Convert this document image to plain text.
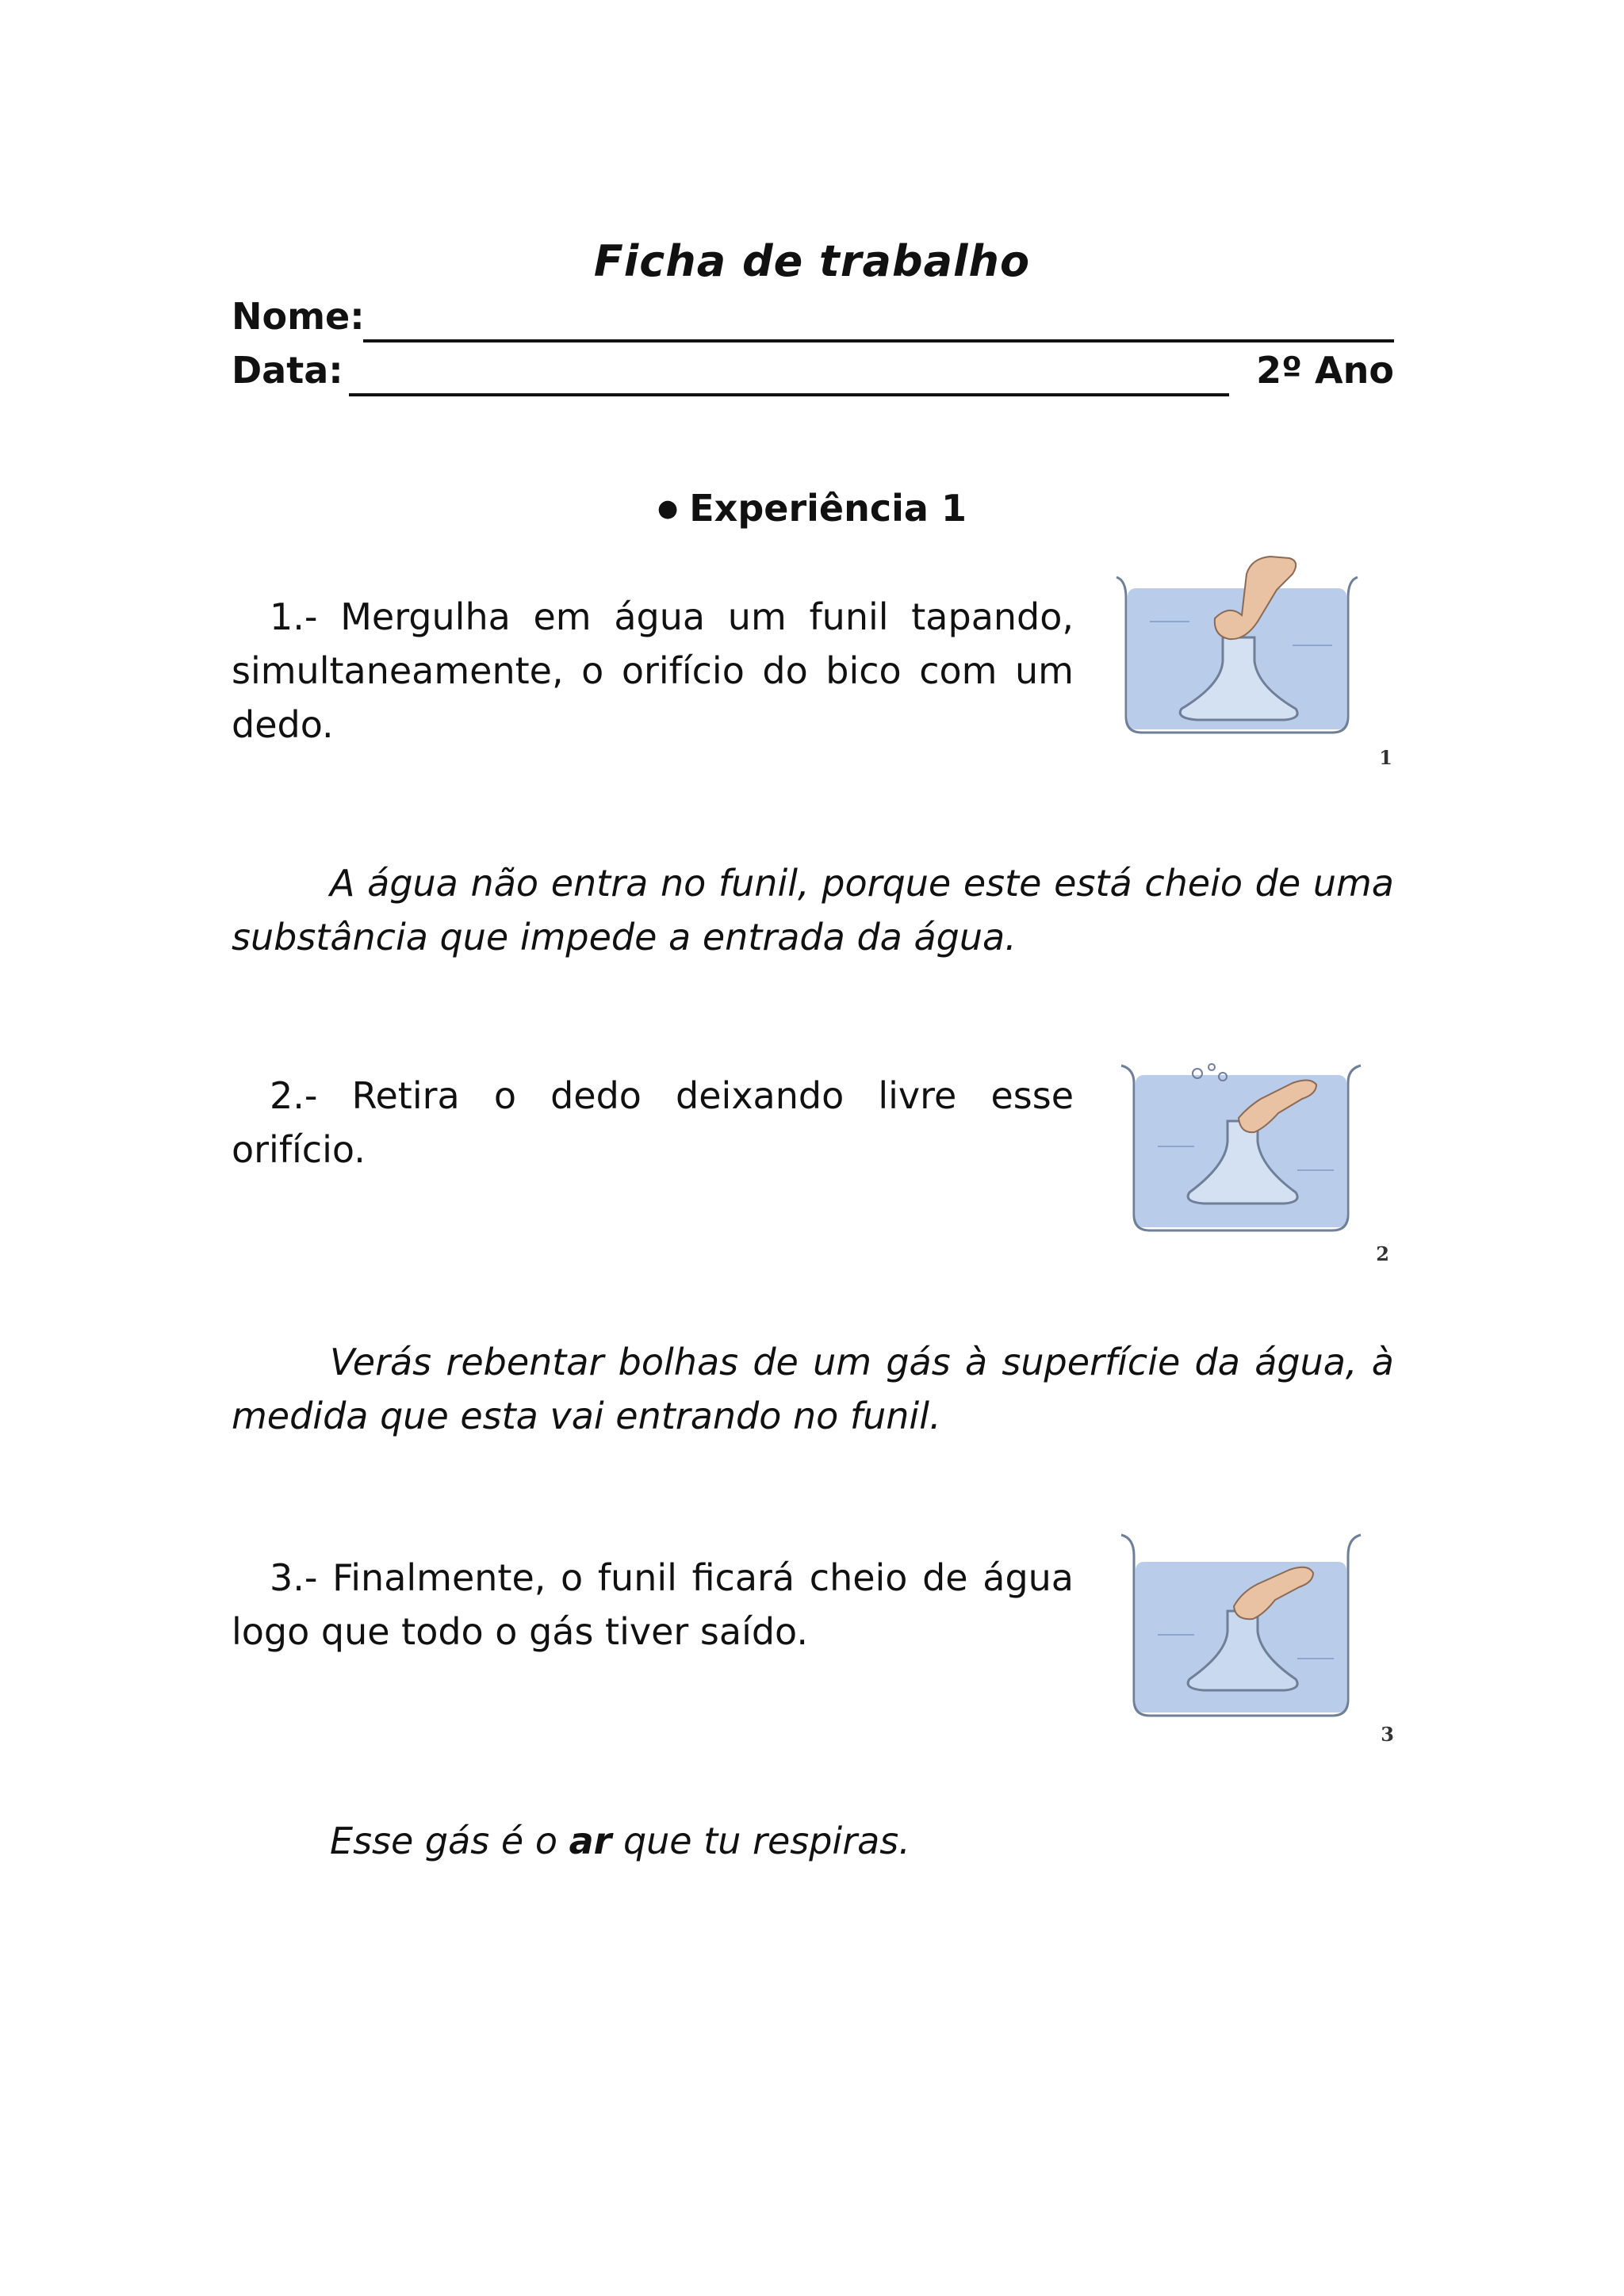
Ficha de trabalho
Nome:
Data:	2º Ano
● Experiência 1
1.- Mergulha em água um funil tapando, simultaneamente, o orifício do bico com um dedo.
1
A água não entra no funil, porque este está cheio de uma substância que impede a entrada da água.
2.- Retira o dedo deixando livre esse orifício.
2
Verás rebentar bolhas de um gás à superfície da água, à medida que esta vai entrando no funil.
3.- Finalmente, o funil ficará cheio de água
logo que todo o gás tiver saído.
3
Esse gás é o ar que tu respiras.
